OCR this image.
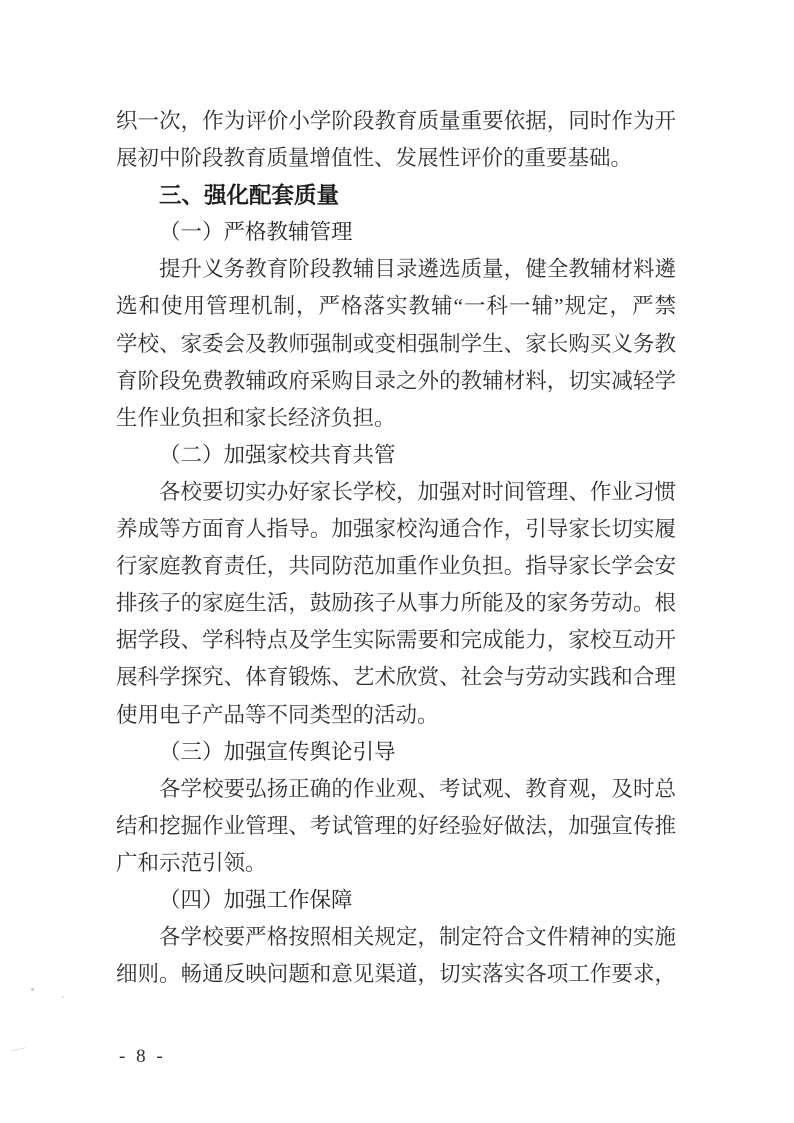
织一次，作为评价小学阶段教育质量重要依据，同时作为开
展初中阶段教育质量增值性、发展性评价的重要基础。
三、强化配套质量
（一）严格教辅管理
提升义务教育阶段教辅目录遴选质量，健全教辅材料遴
选和使用管理机制，严格落实教辅“一科一辅”规定，严禁
学校、家委会及教师强制或变相强制学生、家长购买义务教
育阶段免费教辅政府采购目录之外的教辅材料，切实减轻学
生作业负担和家长经济负担。
（二）加强家校共育共管
各校要切实办好家长学校，加强对时间管理、作业习惯
养成等方面育人指导。加强家校沟通合作，引导家长切实履
行家庭教育责任，共同防范加重作业负担。指导家长学会安
排孩子的家庭生活，鼓励孩子从事力所能及的家务劳动。根
据学段、学科特点及学生实际需要和完成能力，家校互动开
展科学探究、体育锻炼、艺术欣赏、社会与劳动实践和合理
使用电子产品等不同类型的活动。
（三）加强宣传舆论引导
各学校要弘扬正确的作业观、考试观、教育观，及时总
结和挖掘作业管理、考试管理的好经验好做法，加强宣传推
广和示范引领。
（四）加强工作保障
各学校要严格按照相关规定，制定符合文件精神的实施
细则。畅通反映问题和意见渠道，切实落实各项工作要求，
- 8 -
